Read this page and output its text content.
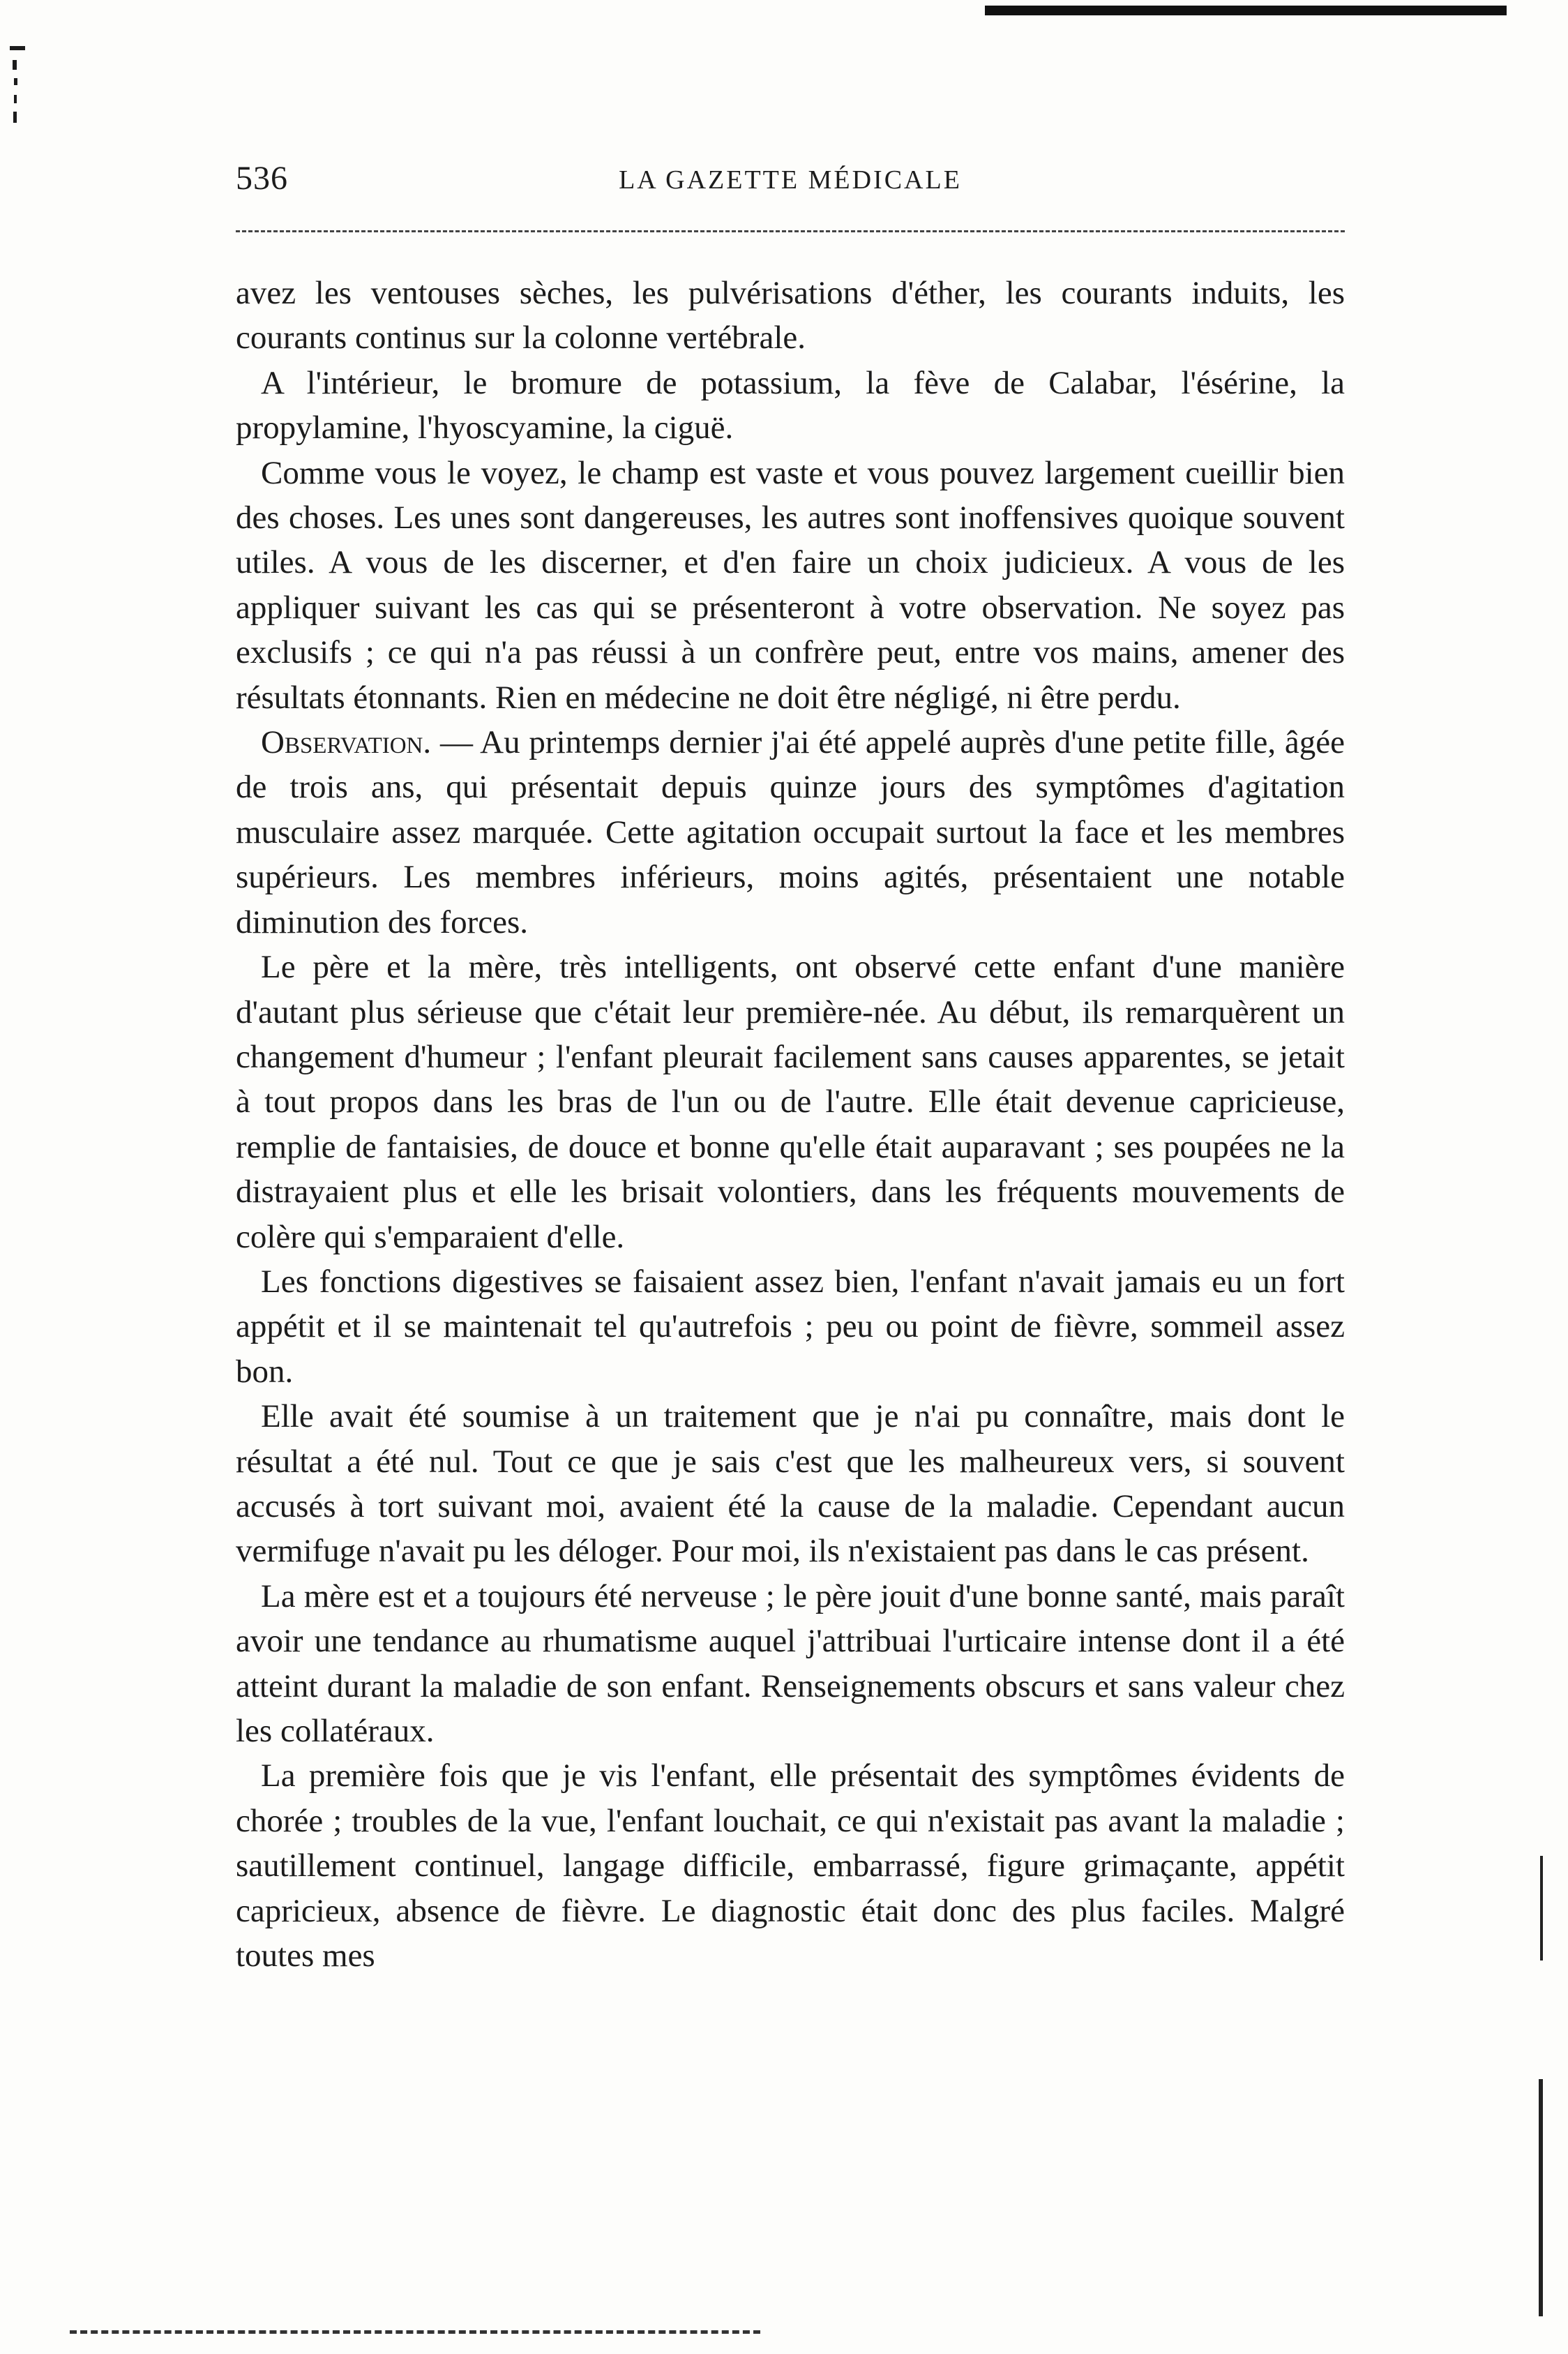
536	LA GAZETTE MÉDICALE

avez les ventouses sèches, les pulvérisations d'éther, les courants induits, les courants continus sur la colonne vertébrale.

A l'intérieur, le bromure de potassium, la fève de Calabar, l'ésérine, la propylamine, l'hyoscyamine, la ciguë.

Comme vous le voyez, le champ est vaste et vous pouvez largement cueillir bien des choses. Les unes sont dangereuses, les autres sont inoffensives quoique souvent utiles. A vous de les discerner, et d'en faire un choix judicieux. A vous de les appliquer suivant les cas qui se présenteront à votre observation. Ne soyez pas exclusifs ; ce qui n'a pas réussi à un confrère peut, entre vos mains, amener des résultats étonnants. Rien en médecine ne doit être négligé, ni être perdu.

Observation. — Au printemps dernier j'ai été appelé auprès d'une petite fille, âgée de trois ans, qui présentait depuis quinze jours des symptômes d'agitation musculaire assez marquée. Cette agitation occupait surtout la face et les membres supérieurs. Les membres inférieurs, moins agités, présentaient une notable diminution des forces.

Le père et la mère, très intelligents, ont observé cette enfant d'une manière d'autant plus sérieuse que c'était leur première-née. Au début, ils remarquèrent un changement d'humeur ; l'enfant pleurait facilement sans causes apparentes, se jetait à tout propos dans les bras de l'un ou de l'autre. Elle était devenue capricieuse, remplie de fantaisies, de douce et bonne qu'elle était auparavant ; ses poupées ne la distrayaient plus et elle les brisait volontiers, dans les fréquents mouvements de colère qui s'emparaient d'elle.

Les fonctions digestives se faisaient assez bien, l'enfant n'avait jamais eu un fort appétit et il se maintenait tel qu'autrefois ; peu ou point de fièvre, sommeil assez bon.

Elle avait été soumise à un traitement que je n'ai pu connaître, mais dont le résultat a été nul. Tout ce que je sais c'est que les malheureux vers, si souvent accusés à tort suivant moi, avaient été la cause de la maladie. Cependant aucun vermifuge n'avait pu les déloger. Pour moi, ils n'existaient pas dans le cas présent.

La mère est et a toujours été nerveuse ; le père jouit d'une bonne santé, mais paraît avoir une tendance au rhumatisme auquel j'attribuai l'urticaire intense dont il a été atteint durant la maladie de son enfant. Renseignements obscurs et sans valeur chez les collatéraux.

La première fois que je vis l'enfant, elle présentait des symptômes évidents de chorée ; troubles de la vue, l'enfant louchait, ce qui n'existait pas avant la maladie ; sautillement continuel, langage difficile, embarrassé, figure grimaçante, appétit capricieux, absence de fièvre. Le diagnostic était donc des plus faciles. Malgré toutes mes
